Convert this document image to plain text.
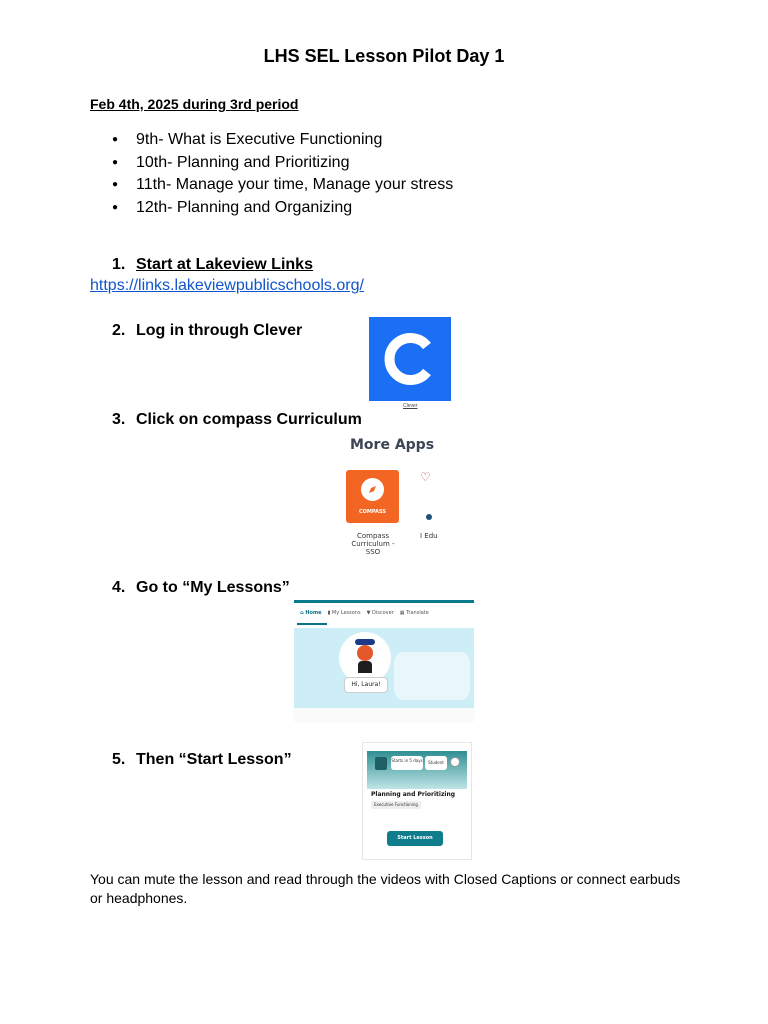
LHS SEL Lesson Pilot Day 1
Feb 4th, 2025 during 3rd period
● 9th- What is Executive Functioning
● 10th- Planning and Prioritizing
● 11th- Manage your time, Manage your stress
● 12th- Planning and Organizing
1. Start at Lakeview Links
https://links.lakeviewpublicschools.org/
2. Log in through Clever
Clever
3. Click on compass Curriculum
More Apps
♡
COMPASS
Compass Curriculum - SSO
I Edu
4. Go to “My Lessons”
⌂ Home ▮ My Lessons ▼ Discover ▦ Translate
Hi, Laura!
5. Then “Start Lesson”	Starts in 5 days	Student
Planning and Prioritizing
Executive Functioning
Start Lesson
You can mute the lesson and read through the videos with Closed Captions or connect earbuds or headphones.
